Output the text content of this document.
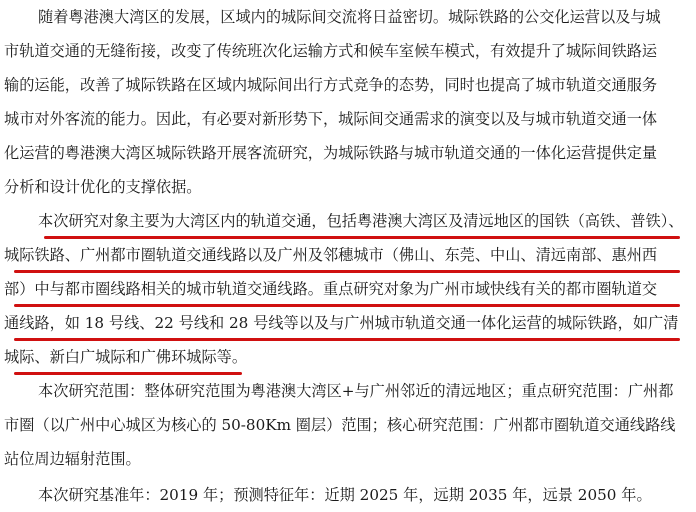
随着粤港澳大湾区的发展，区域内的城际间交流将日益密切。城际铁路的公交化运营以及与城
市轨道交通的无缝衔接，改变了传统班次化运输方式和候车室候车模式，有效提升了城际间铁路运
输的运能，改善了城际铁路在区域内城际间出行方式竞争的态势，同时也提高了城市轨道交通服务
城市对外客流的能力。因此，有必要对新形势下，城际间交通需求的演变以及与城市轨道交通一体
化运营的粤港澳大湾区城际铁路开展客流研究，为城际铁路与城市轨道交通的一体化运营提供定量
分析和设计优化的支撑依据。
本次研究对象主要为大湾区内的轨道交通，包括粤港澳大湾区及清远地区的国铁（高铁、普铁）、
城际铁路、广州都市圈轨道交通线路以及广州及邻穗城市（佛山、东莞、中山、清远南部、惠州西
部）中与都市圈线路相关的城市轨道交通线路。重点研究对象为广州市域快线有关的都市圈轨道交
通线路，如 18 号线、22 号线和 28 号线等以及与广州城市轨道交通一体化运营的城际铁路，如广清
城际、新白广城际和广佛环城际等。
本次研究范围：整体研究范围为粤港澳大湾区+与广州邻近的清远地区；重点研究范围：广州都
市圈（以广州中心城区为核心的 50-80Km 圈层）范围；核心研究范围：广州都市圈轨道交通线路线
站位周边辐射范围。
本次研究基准年：2019 年；预测特征年：近期 2025 年，远期 2035 年，远景 2050 年。
